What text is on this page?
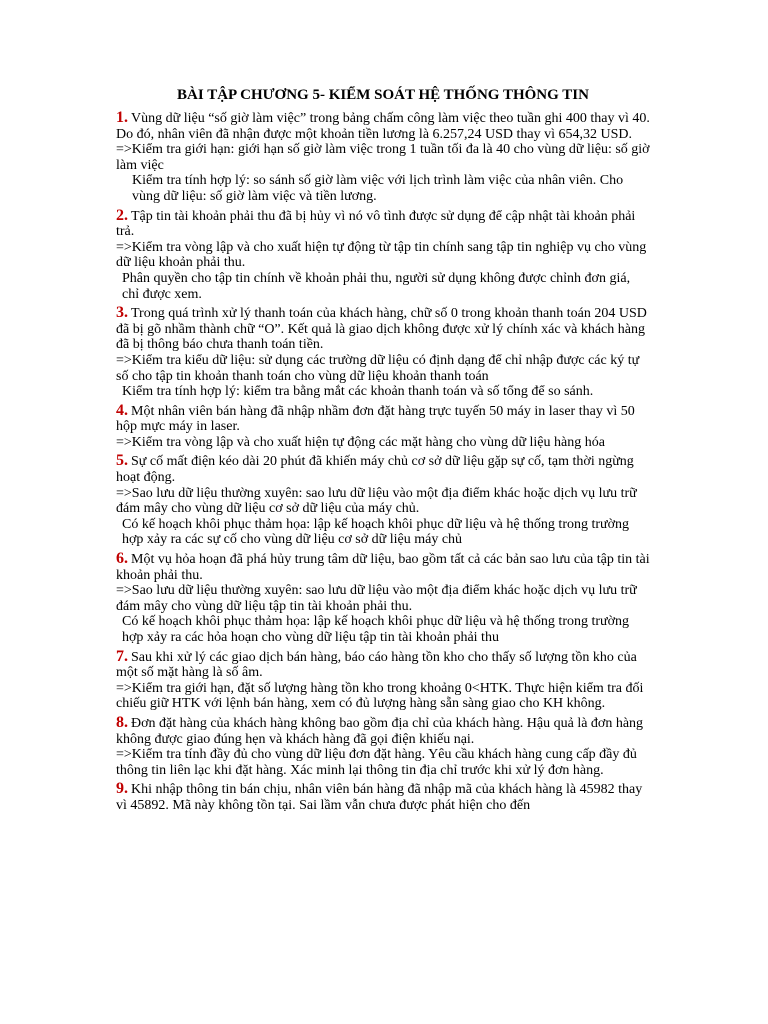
BÀI TẬP CHƯƠNG 5- KIỂM SOÁT HỆ THỐNG THÔNG TIN

1. Vùng dữ liệu “số giờ làm việc” trong bảng chấm công làm việc theo tuần ghi 400 thay vì 40. Do đó, nhân viên đã nhận được một khoản tiền lương là 6.257,24 USD thay vì 654,32 USD.

=>Kiểm tra giới hạn: giới hạn số giờ làm việc trong 1 tuần tối đa là 40 cho vùng dữ liệu: số giờ làm việc

Kiểm tra tính hợp lý: so sánh số giờ làm việc với lịch trình làm việc của nhân viên. Cho vùng dữ liệu: số giờ làm việc và tiền lương.

2. Tập tin tài khoản phải thu đã bị hủy vì nó vô tình được sử dụng để cập nhật tài khoản phải trả.

=>Kiểm tra vòng lập và cho xuất hiện tự động từ tập tin chính sang tập tin nghiệp vụ cho vùng dữ liệu khoản phải thu.

Phân quyền cho tập tin chính về khoản phải thu, người sử dụng không được chỉnh đơn giá, chỉ được xem.

3. Trong quá trình xử lý thanh toán của khách hàng, chữ số 0 trong khoản thanh toán 204 USD đã bị gõ nhầm thành chữ “O”. Kết quả là giao dịch không được xử lý chính xác và khách hàng đã bị thông báo chưa thanh toán tiền.

=>Kiểm tra kiểu dữ liệu: sử dụng các trường dữ liệu có định dạng để chỉ nhập được các ký tự số cho tập tin khoản thanh toán cho vùng dữ liệu khoản thanh toán

Kiểm tra tính hợp lý: kiểm tra bằng mắt các khoản thanh toán và số tổng để so sánh.

4. Một nhân viên bán hàng đã nhập nhầm đơn đặt hàng trực tuyến 50 máy in laser thay vì 50 hộp mực máy in laser.

=>Kiểm tra vòng lập và cho xuất hiện tự động các mặt hàng cho vùng dữ liệu hàng hóa

5. Sự cố mất điện kéo dài 20 phút đã khiến máy chủ cơ sở dữ liệu gặp sự cố, tạm thời ngừng hoạt động.

=>Sao lưu dữ liệu thường xuyên: sao lưu dữ liệu vào một địa điểm khác hoặc dịch vụ lưu trữ đám mây cho vùng dữ liệu cơ sở dữ liệu của máy chủ.

Có kế hoạch khôi phục thảm họa: lập kế hoạch khôi phục dữ liệu và hệ thống trong trường hợp xảy ra các sự cố cho vùng dữ liệu cơ sở dữ liệu máy chủ

6. Một vụ hỏa hoạn đã phá hủy trung tâm dữ liệu, bao gồm tất cả các bản sao lưu của tập tin tài khoản phải thu.

=>Sao lưu dữ liệu thường xuyên: sao lưu dữ liệu vào một địa điểm khác hoặc dịch vụ lưu trữ đám mây cho vùng dữ liệu tập tin tài khoản phải thu.

Có kế hoạch khôi phục thảm họa: lập kế hoạch khôi phục dữ liệu và hệ thống trong trường hợp xảy ra các hỏa hoạn cho vùng dữ liệu tập tin tài khoản phải thu

7. Sau khi xử lý các giao dịch bán hàng, báo cáo hàng tồn kho cho thấy số lượng tồn kho của một số mặt hàng là số âm.

=>Kiểm tra giới hạn, đặt số lượng hàng tồn kho trong khoảng 0<HTK. Thực hiện kiểm tra đối chiếu giữ HTK với lệnh bán hàng, xem có đủ lượng hàng sẵn sàng giao cho KH không.

8. Đơn đặt hàng của khách hàng không bao gồm địa chỉ của khách hàng. Hậu quả là đơn hàng không được giao đúng hẹn và khách hàng đã gọi điện khiếu nại.

=>Kiểm tra tính đầy đủ cho vùng dữ liệu đơn đặt hàng. Yêu cầu khách hàng cung cấp đầy đủ thông tin liên lạc khi đặt hàng. Xác minh lại thông tin địa chỉ trước khi xử lý đơn hàng.

9. Khi nhập thông tin bán chịu, nhân viên bán hàng đã nhập mã của khách hàng là 45982 thay vì 45892. Mã này không tồn tại. Sai lầm vẫn chưa được phát hiện cho đến
